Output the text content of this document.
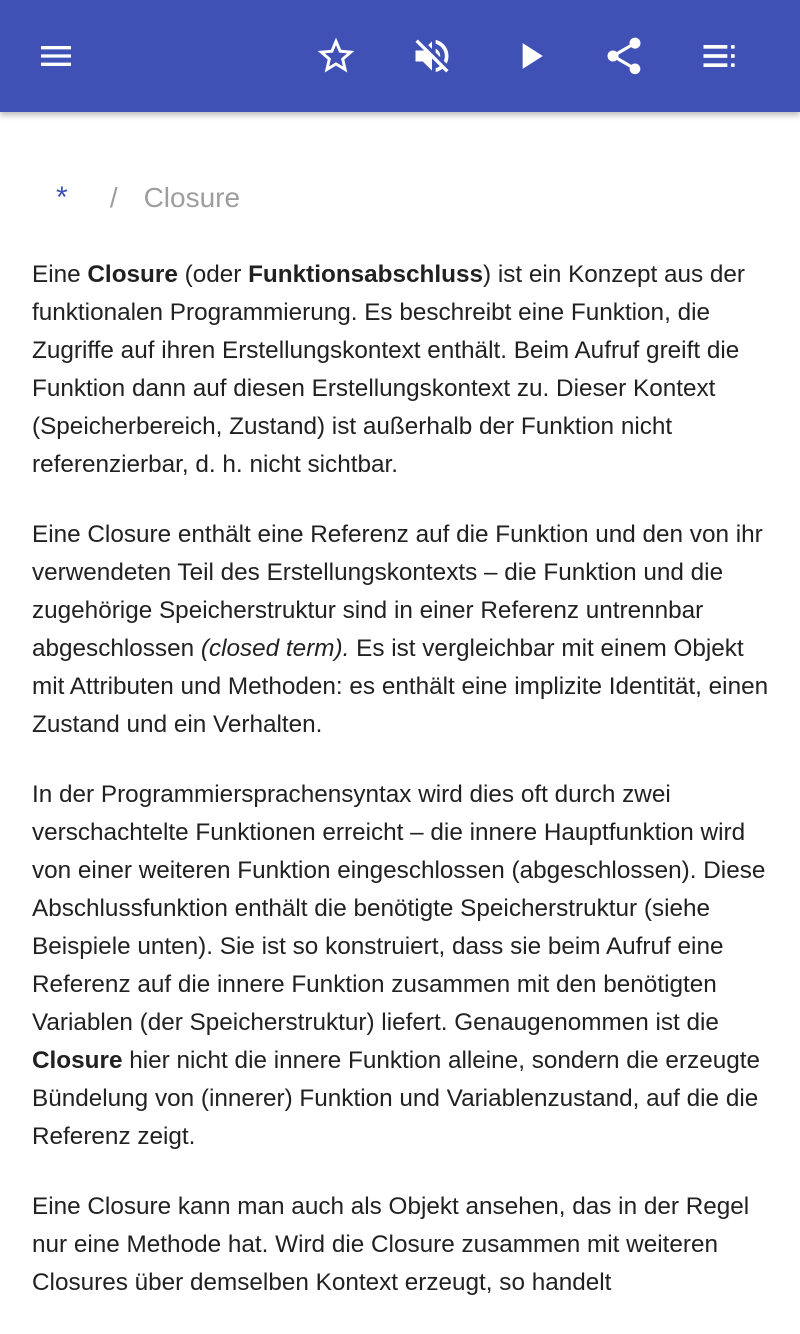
* / Closure

Eine Closure (oder Funktionsabschluss) ist ein Konzept aus der funktionalen Programmierung. Es beschreibt eine Funktion, die Zugriffe auf ihren Erstellungskontext enthält. Beim Aufruf greift die Funktion dann auf diesen Erstellungskontext zu. Dieser Kontext (Speicherbereich, Zustand) ist außerhalb der Funktion nicht referenzierbar, d. h. nicht sichtbar.

Eine Closure enthält eine Referenz auf die Funktion und den von ihr verwendeten Teil des Erstellungskontexts – die Funktion und die zugehörige Speicherstruktur sind in einer Referenz untrennbar abgeschlossen (closed term). Es ist vergleichbar mit einem Objekt mit Attributen und Methoden: es enthält eine implizite Identität, einen Zustand und ein Verhalten.

In der Programmiersprachensyntax wird dies oft durch zwei verschachtelte Funktionen erreicht – die innere Hauptfunktion wird von einer weiteren Funktion eingeschlossen (abgeschlossen). Diese Abschlussfunktion enthält die benötigte Speicherstruktur (siehe Beispiele unten). Sie ist so konstruiert, dass sie beim Aufruf eine Referenz auf die innere Funktion zusammen mit den benötigten Variablen (der Speicherstruktur) liefert. Genaugenommen ist die Closure hier nicht die innere Funktion alleine, sondern die erzeugte Bündelung von (innerer) Funktion und Variablenzustand, auf die die Referenz zeigt.

Eine Closure kann man auch als Objekt ansehen, das in der Regel nur eine Methode hat. Wird die Closure zusammen mit weiteren Closures über demselben Kontext erzeugt, so handelt
